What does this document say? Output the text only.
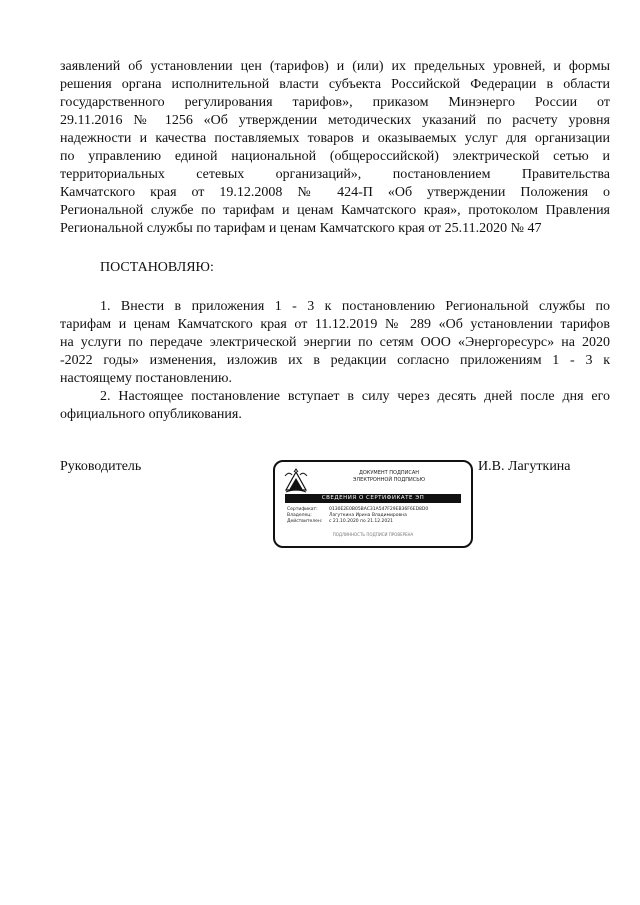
заявлений об установлении цен (тарифов) и (или) их предельных уровней, и формы
решения органа исполнительной власти субъекта Российской Федерации в области
государственного регулирования тарифов», приказом Минэнерго России от
29.11.2016 № 1256 «Об утверждении методических указаний по расчету уровня
надежности и качества поставляемых товаров и оказываемых услуг для организации
по управлению единой национальной (общероссийской) электрической сетью и
территориальных сетевых организаций», постановлением Правительства
Камчатского края от 19.12.2008 № 424-П «Об утверждении Положения о
Региональной службе по тарифам и ценам Камчатского края», протоколом Правления
Региональной службы по тарифам и ценам Камчатского края от 25.11.2020 № 47

ПОСТАНОВЛЯЮ:

1. Внести в приложения 1 - 3 к постановлению Региональной службы по
тарифам и ценам Камчатского края от 11.12.2019 № 289 «Об установлении тарифов
на услуги по передаче электрической энергии по сетям ООО «Энергоресурс» на 2020
-2022 годы» изменения, изложив их в редакции согласно приложениям 1 - 3 к
настоящему постановлению.
2. Настоящее постановление вступает в силу через десять дней после дня его
официального опубликования.
Руководитель	ДОКУМЕНТ ПОДПИСАН
ЭЛЕКТРОННОЙ ПОДПИСЬЮ
СВЕДЕНИЯ О СЕРТИФИКАТЕ ЭП
Сертификат:	0130E2E0B05BAC31A547F29EB36F6ED8D0
Владелец:	Лагуткина Ирина Владимировна
Действителен:	с 21.10.2020 по 21.12.2021
ПОДЛИННОСТЬ ПОДПИСИ ПРОВЕРЕНА
И.В. Лагуткина
